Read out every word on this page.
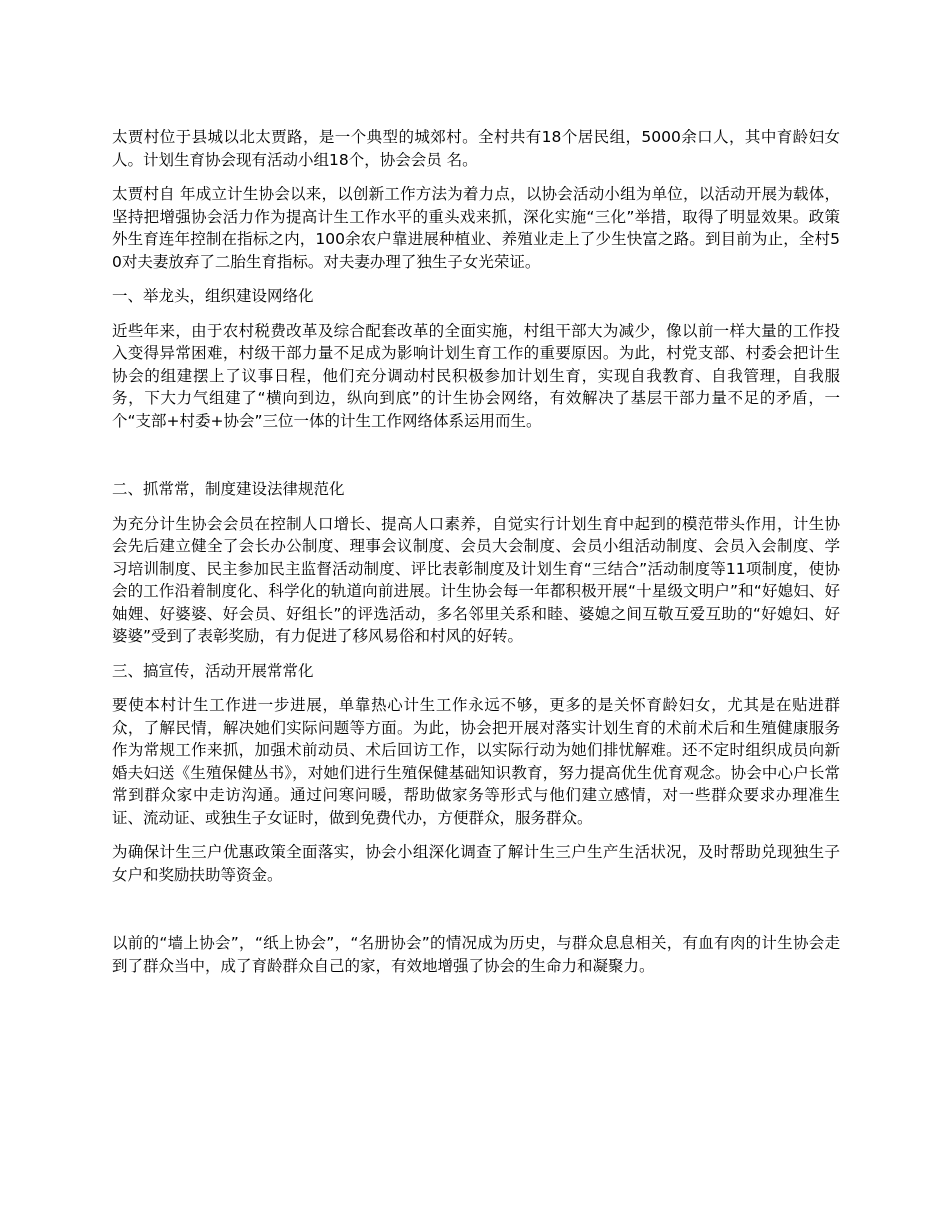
太贾村位于县城以北太贾路，是一个典型的城郊村。全村共有18个居民组，5000余口人，其中育龄妇女 人。计划生育协会现有活动小组18个，协会会员 名。

太贾村自 年成立计生协会以来，以创新工作方法为着力点，以协会活动小组为单位，以活动开展为载体，坚持把增强协会活力作为提高计生工作水平的重头戏来抓，深化实施“三化”举措，取得了明显效果。政策外生育连年控制在指标之内，100余农户靠进展种植业、养殖业走上了少生快富之路。到目前为止，全村50对夫妻放弃了二胎生育指标。对夫妻办理了独生子女光荣证。

一、举龙头，组织建设网络化

近些年来，由于农村税费改革及综合配套改革的全面实施，村组干部大为减少，像以前一样大量的工作投入变得异常困难，村级干部力量不足成为影响计划生育工作的重要原因。为此，村党支部、村委会把计生协会的组建摆上了议事日程，他们充分调动村民积极参加计划生育，实现自我教育、自我管理，自我服务，下大力气组建了“横向到边，纵向到底”的计生协会网络，有效解决了基层干部力量不足的矛盾，一个“支部+村委+协会”三位一体的计生工作网络体系运用而生。

二、抓常常，制度建设法律规范化

为充分计生协会会员在控制人口增长、提高人口素养，自觉实行计划生育中起到的模范带头作用，计生协会先后建立健全了会长办公制度、理事会议制度、会员大会制度、会员小组活动制度、会员入会制度、学习培训制度、民主参加民主监督活动制度、评比表彰制度及计划生育“三结合”活动制度等11项制度，使协会的工作沿着制度化、科学化的轨道向前进展。计生协会每一年都积极开展“十星级文明户”和“好媳妇、好妯娌、好婆婆、好会员、好组长”的评选活动，多名邻里关系和睦、婆媳之间互敬互爱互助的“好媳妇、好婆婆”受到了表彰奖励，有力促进了移风易俗和村风的好转。

三、搞宣传，活动开展常常化

要使本村计生工作进一步进展，单靠热心计生工作永远不够，更多的是关怀育龄妇女，尤其是在贴进群众，了解民情，解决她们实际问题等方面。为此，协会把开展对落实计划生育的术前术后和生殖健康服务作为常规工作来抓，加强术前动员、术后回访工作，以实际行动为她们排忧解难。还不定时组织成员向新婚夫妇送《生殖保健丛书》，对她们进行生殖保健基础知识教育，努力提高优生优育观念。协会中心户长常常到群众家中走访沟通。通过问寒问暖，帮助做家务等形式与他们建立感情，对一些群众要求办理准生证、流动证、或独生子女证时，做到免费代办，方便群众，服务群众。

为确保计生三户优惠政策全面落实，协会小组深化调查了解计生三户生产生活状况，及时帮助兑现独生子女户和奖励扶助等资金。

以前的“墙上协会”，“纸上协会”，“名册协会”的情况成为历史，与群众息息相关，有血有肉的计生协会走到了群众当中，成了育龄群众自己的家，有效地增强了协会的生命力和凝聚力。
